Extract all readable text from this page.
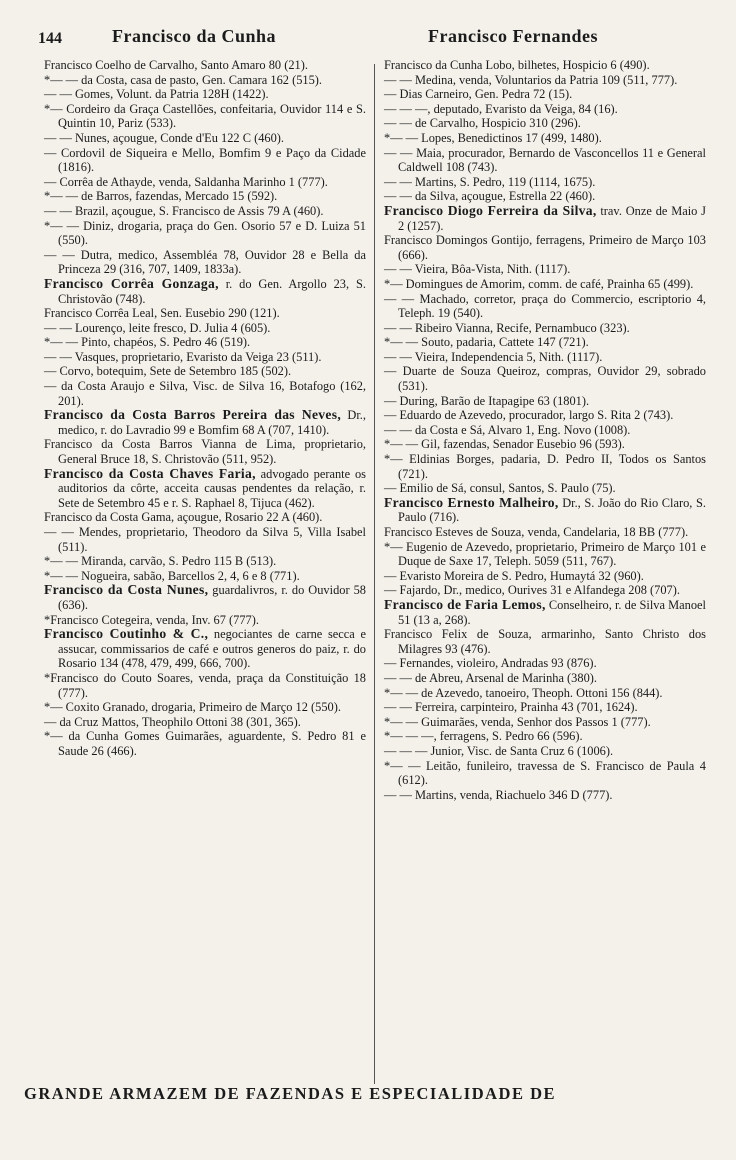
144	Francisco da Cunha	Francisco Fernandes

Francisco Coelho de Carvalho, Santo Amaro 80 (21).

*— — da Costa, casa de pasto, Gen. Camara 162 (515).

— — Gomes, Volunt. da Patria 128H (1422).

*— Cordeiro da Graça Castellões, confeitaria, Ouvidor 114 e S. Quintin 10, Pariz (533).

— — Nunes, açougue, Conde d'Eu 122 C (460).

— Cordovil de Siqueira e Mello, Bomfim 9 e Paço da Cidade (1816).

— Corrêa de Athayde, venda, Saldanha Marinho 1 (777).

*— — de Barros, fazendas, Mercado 15 (592).

— — Brazil, açougue, S. Francisco de Assis 79 A (460).

*— — Diniz, drogaria, praça do Gen. Osorio 57 e D. Luiza 51 (550).

— — Dutra, medico, Assembléa 78, Ouvidor 28 e Bella da Princeza 29 (316, 707, 1409, 1833a).

Francisco Corrêa Gonzaga, r. do Gen. Argollo 23, S. Christovão (748).

Francisco Corrêa Leal, Sen. Eusebio 290 (121).

— — Lourenço, leite fresco, D. Julia 4 (605).

*— — Pinto, chapéos, S. Pedro 46 (519).

— — Vasques, proprietario, Evaristo da Veiga 23 (511).

— Corvo, botequim, Sete de Setembro 185 (502).

— da Costa Araujo e Silva, Visc. de Silva 16, Botafogo (162, 201).

Francisco da Costa Barros Pereira das Neves, Dr., medico, r. do Lavradio 99 e Bomfim 68 A (707, 1410).

Francisco da Costa Barros Vianna de Lima, proprietario, General Bruce 18, S. Christovão (511, 952).

Francisco da Costa Chaves Faria, advogado perante os auditorios da côrte, acceita causas pendentes da relação, r. Sete de Setembro 45 e r. S. Raphael 8, Tijuca (462).

Francisco da Costa Gama, açougue, Rosario 22 A (460).

— — Mendes, proprietario, Theodoro da Silva 5, Villa Isabel (511).

*— — Miranda, carvão, S. Pedro 115 B (513).

*— — Nogueira, sabão, Barcellos 2, 4, 6 e 8 (771).

Francisco da Costa Nunes, guardalivros, r. do Ouvidor 58 (636).

*Francisco Cotegeira, venda, Inv. 67 (777).

Francisco Coutinho & C., negociantes de carne secca e assucar, commissarios de café e outros generos do paiz, r. do Rosario 134 (478, 479, 499, 666, 700).

*Francisco do Couto Soares, venda, praça da Constituição 18 (777).

*— Coxito Granado, drogaria, Primeiro de Março 12 (550).

— da Cruz Mattos, Theophilo Ottoni 38 (301, 365).

*— da Cunha Gomes Guimarães, aguardente, S. Pedro 81 e Saude 26 (466).

Francisco da Cunha Lobo, bilhetes, Hospicio 6 (490).

— — Medina, venda, Voluntarios da Patria 109 (511, 777).

— Dias Carneiro, Gen. Pedra 72 (15).

— — —, deputado, Evaristo da Veiga, 84 (16).

— — de Carvalho, Hospicio 310 (296).

*— — Lopes, Benedictinos 17 (499, 1480).

— — Maia, procurador, Bernardo de Vasconcellos 11 e General Caldwell 108 (743).

— — Martins, S. Pedro, 119 (1114, 1675).

— — da Silva, açougue, Estrella 22 (460).

Francisco Diogo Ferreira da Silva, trav. Onze de Maio J 2 (1257).

Francisco Domingos Gontijo, ferragens, Primeiro de Março 103 (666).

— — Vieira, Bôa-Vista, Nith. (1117).

*— Domingues de Amorim, comm. de café, Prainha 65 (499).

— — Machado, corretor, praça do Commercio, escriptorio 4, Teleph. 19 (540).

— — Ribeiro Vianna, Recife, Pernambuco (323).

*— — Souto, padaria, Cattete 147 (721).

— — Vieira, Independencia 5, Nith. (1117).

— Duarte de Souza Queiroz, compras, Ouvidor 29, sobrado (531).

— During, Barão de Itapagipe 63 (1801).

— Eduardo de Azevedo, procurador, largo S. Rita 2 (743).

— — da Costa e Sá, Alvaro 1, Eng. Novo (1008).

*— — Gil, fazendas, Senador Eusebio 96 (593).

*— Eldinias Borges, padaria, D. Pedro II, Todos os Santos (721).

— Emilio de Sá, consul, Santos, S. Paulo (75).

Francisco Ernesto Malheiro, Dr., S. João do Rio Claro, S. Paulo (716).

Francisco Esteves de Souza, venda, Candelaria, 18 BB (777).

*— Eugenio de Azevedo, proprietario, Primeiro de Março 101 e Duque de Saxe 17, Teleph. 5059 (511, 767).

— Evaristo Moreira de S. Pedro, Humaytá 32 (960).

— Fajardo, Dr., medico, Ourives 31 e Alfandega 208 (707).

Francisco de Faria Lemos, Conselheiro, r. de Silva Manoel 51 (13 a, 268).

Francisco Felix de Souza, armarinho, Santo Christo dos Milagres 93 (476).

— Fernandes, violeiro, Andradas 93 (876).

— — de Abreu, Arsenal de Marinha (380).

*— — de Azevedo, tanoeiro, Theoph. Ottoni 156 (844).

— — Ferreira, carpinteiro, Prainha 43 (701, 1624).

*— — Guimarães, venda, Senhor dos Passos 1 (777).

*— — —, ferragens, S. Pedro 66 (596).

— — — Junior, Visc. de Santa Cruz 6 (1006).

*— — Leitão, funileiro, travessa de S. Francisco de Paula 4 (612).

— — Martins, venda, Riachuelo 346 D (777).

GRANDE ARMAZEM DE FAZENDAS E ESPECIALIDADE DE
